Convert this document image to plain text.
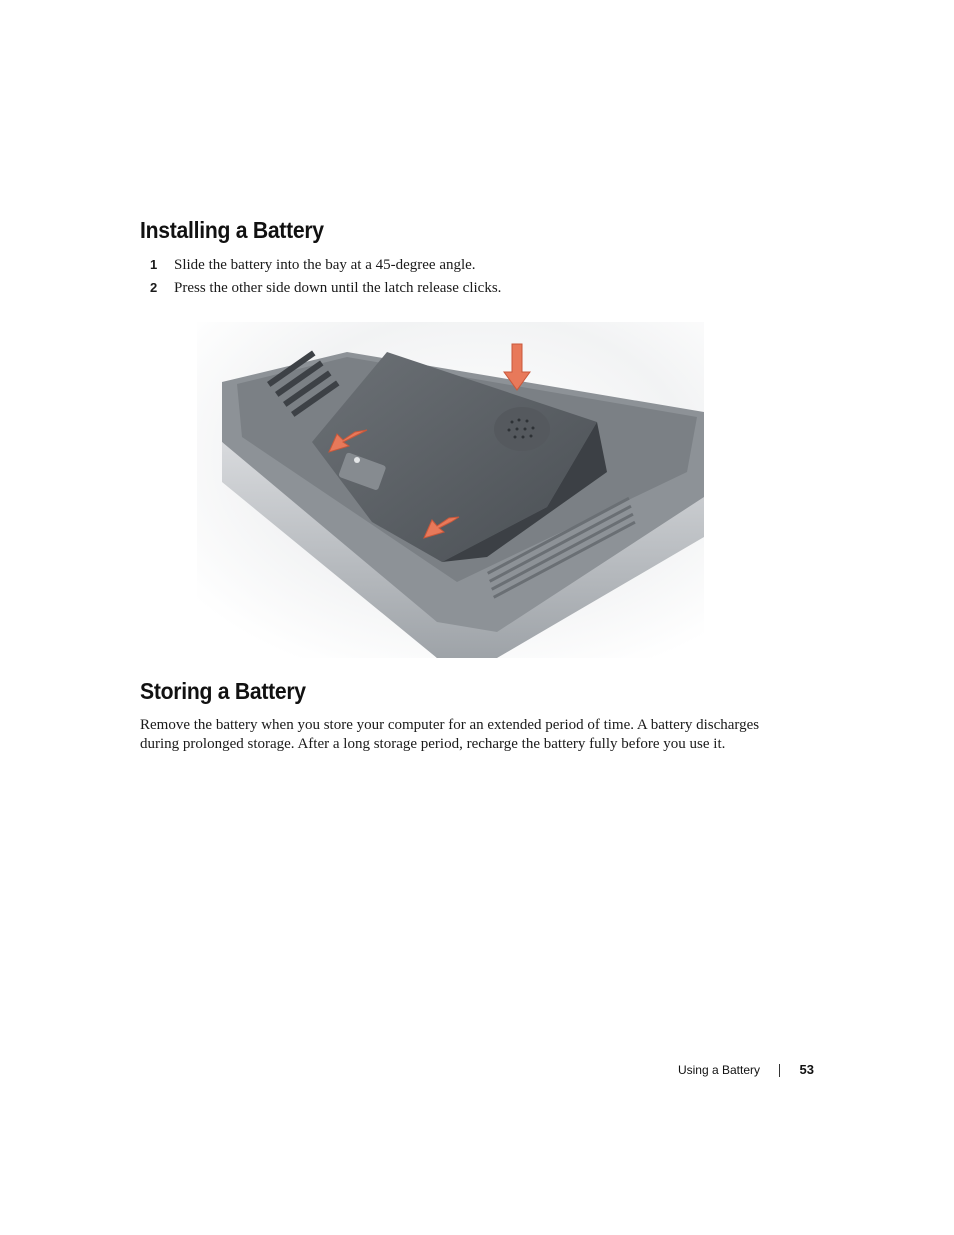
Installing a Battery
1 Slide the battery into the bay at a 45-degree angle.
2 Press the other side down until the latch release clicks.
Storing a Battery

Remove the battery when you store your computer for an extended period of time. A battery discharges during prolonged storage. After a long storage period, recharge the battery fully before you use it.

Using a Battery	53
